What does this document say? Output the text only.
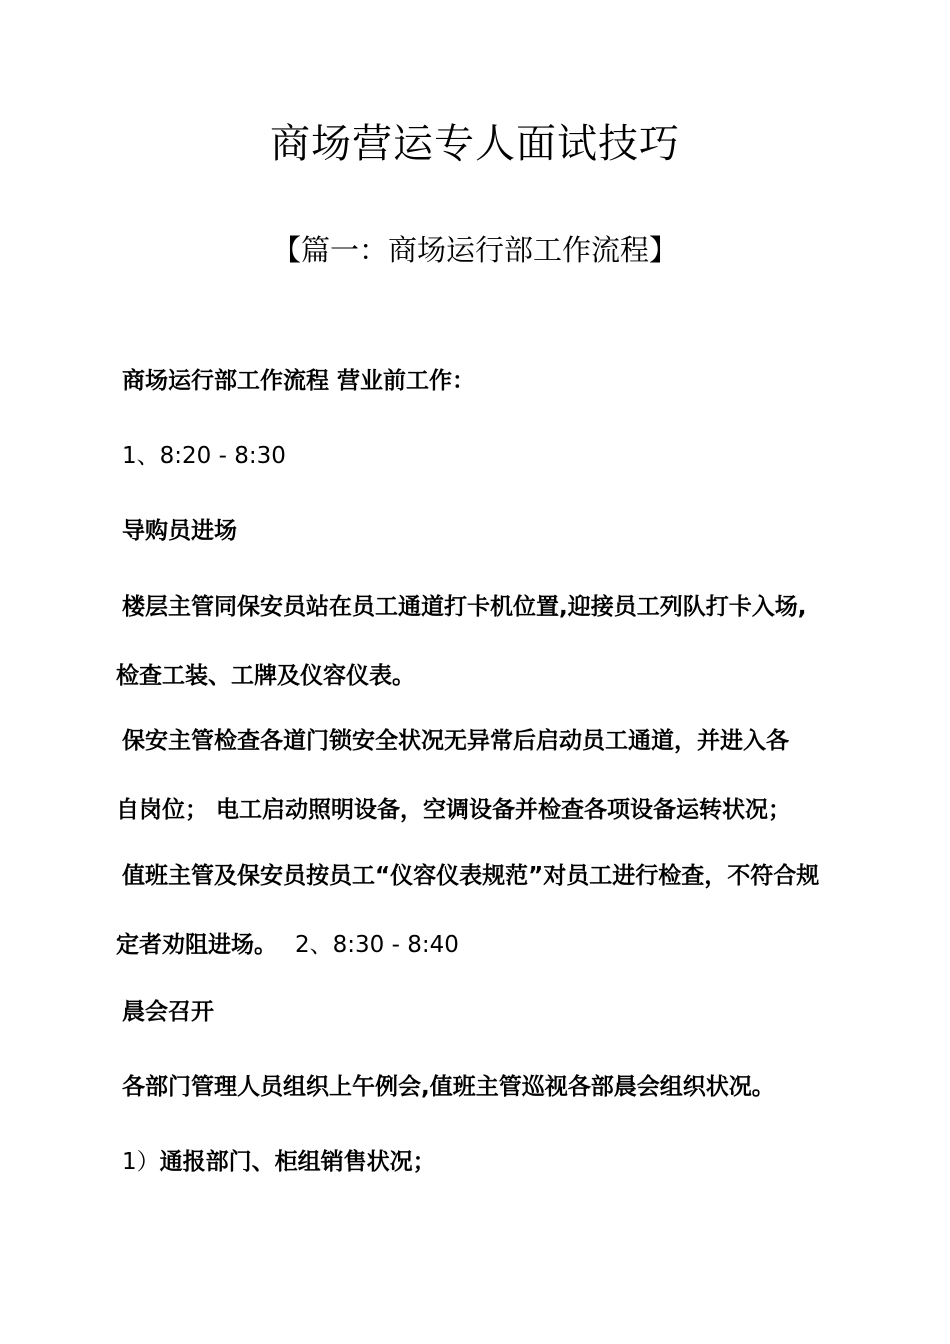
商场营运专人面试技巧
【篇一：商场运行部工作流程】

商场运行部工作流程 营业前工作：

1、8:20 - 8:30

导购员进场

楼层主管同保安员站在员工通道打卡机位置,迎接员工列队打卡入场,
检查工装、工牌及仪容仪表。
保安主管检查各道门锁安全状况无异常后启动员工通道，并进入各
自岗位； 电工启动照明设备，空调设备并检查各项设备运转状况；
值班主管及保安员按员工“仪容仪表规范”对员工进行检查，不符合规
定者劝阻进场。 2、8:30 - 8:40

晨会召开

各部门管理人员组织上午例会,值班主管巡视各部晨会组织状况。

1）通报部门、柜组销售状况；
